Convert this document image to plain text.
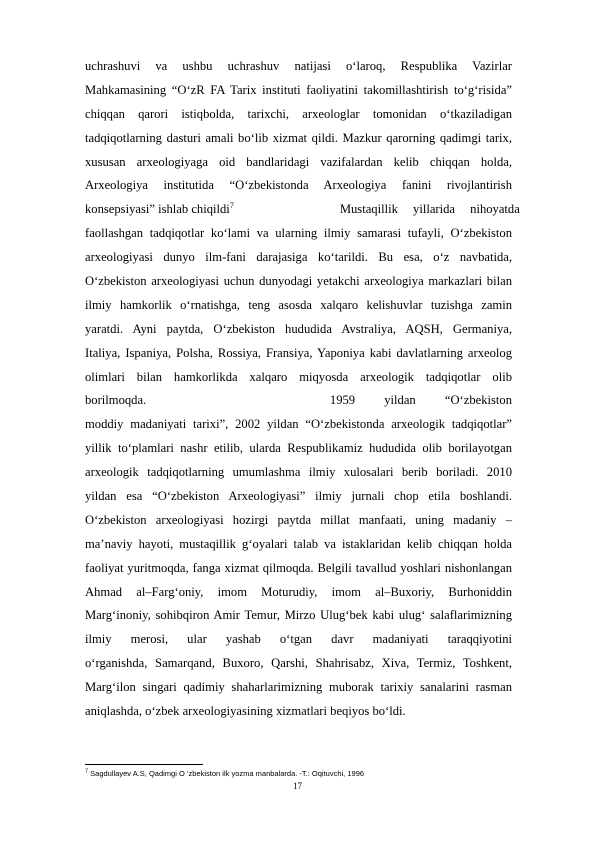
uchrashuvi va ushbu uchrashuv natijasi o‘laroq, Respublika Vazirlar
Mahkamasining “O‘zR FA Tarix instituti faoliyatini takomillashtirish to‘g‘risida”
chiqqan qarori istiqbolda, tarixchi, arxeologlar tomonidan o‘tkaziladigan
tadqiqotlarning dasturi amali bo‘lib xizmat qildi. Mazkur qarorning qadimgi tarix,
xususan arxeologiyaga oid bandlaridagi vazifalardan kelib chiqqan holda,
Arxeologiya institutida “O‘zbekistonda Arxeologiya fanini rivojlantirish
konsepsiyasi” ishlab chiqildi$^7$	Mustaqillik yillarida nihoyatda
faollashgan tadqiqotlar ko‘lami va ularning ilmiy samarasi tufayli, O‘zbekiston
arxeologiyasi dunyo ilm-fani darajasiga ko‘tarildi. Bu esa, o‘z navbatida,
O‘zbekiston arxeologiyasi uchun dunyodagi yetakchi arxeologiya markazlari bilan
ilmiy hamkorlik o‘rnatishga, teng asosda xalqaro kelishuvlar tuzishga zamin
yaratdi. Ayni paytda, O‘zbekiston hududida Avstraliya, AQSH, Germaniya,
Italiya, Ispaniya, Polsha, Rossiya, Fransiya, Yaponiya kabi davlatlarning arxeolog
olimlari bilan hamkorlikda xalqaro miqyosda arxeologik tadqiqotlar olib
borilmoqda.	1959 yildan “O‘zbekiston
moddiy madaniyati tarixi”, 2002 yildan “O‘zbekistonda arxeologik tadqiqotlar”
yillik to‘plamlari nashr etilib, ularda Respublikamiz hududida olib borilayotgan
arxeologik tadqiqotlarning umumlashma ilmiy xulosalari berib boriladi. 2010
yildan esa “O‘zbekiston Arxeologiyasi” ilmiy jurnali chop etila boshlandi.
O‘zbekiston arxeologiyasi hozirgi paytda millat manfaati, uning madaniy –
ma’naviy hayoti, mustaqillik g‘oyalari talab va istaklaridan kelib chiqqan holda
faoliyat yuritmoqda, fanga xizmat qilmoqda. Belgili tavallud yoshlari nishonlangan
Ahmad al–Farg‘oniy, imom Moturudiy, imom al–Buxoriy, Burhoniddin
Marg‘inoniy, sohibqiron Amir Temur, Mirzo Ulug‘bek kabi ulug‘ salaflarimizning
ilmiy merosi, ular yashab o‘tgan davr madaniyati taraqqiyotini
o‘rganishda, Samarqand, Buxoro, Qarshi, Shahrisabz, Xiva, Termiz, Toshkent,
Marg‘ilon singari qadimiy shaharlarimizning muborak tarixiy sanalarini rasman
aniqlashda, o‘zbek arxeologiyasining xizmatlari beqiyos bo‘ldi.
$^7$ Sagdullayev A.S, Qadimgi O ‘zbekiston ilk yozma manbalarda. -T.: Oqituvchi, 1996
17
